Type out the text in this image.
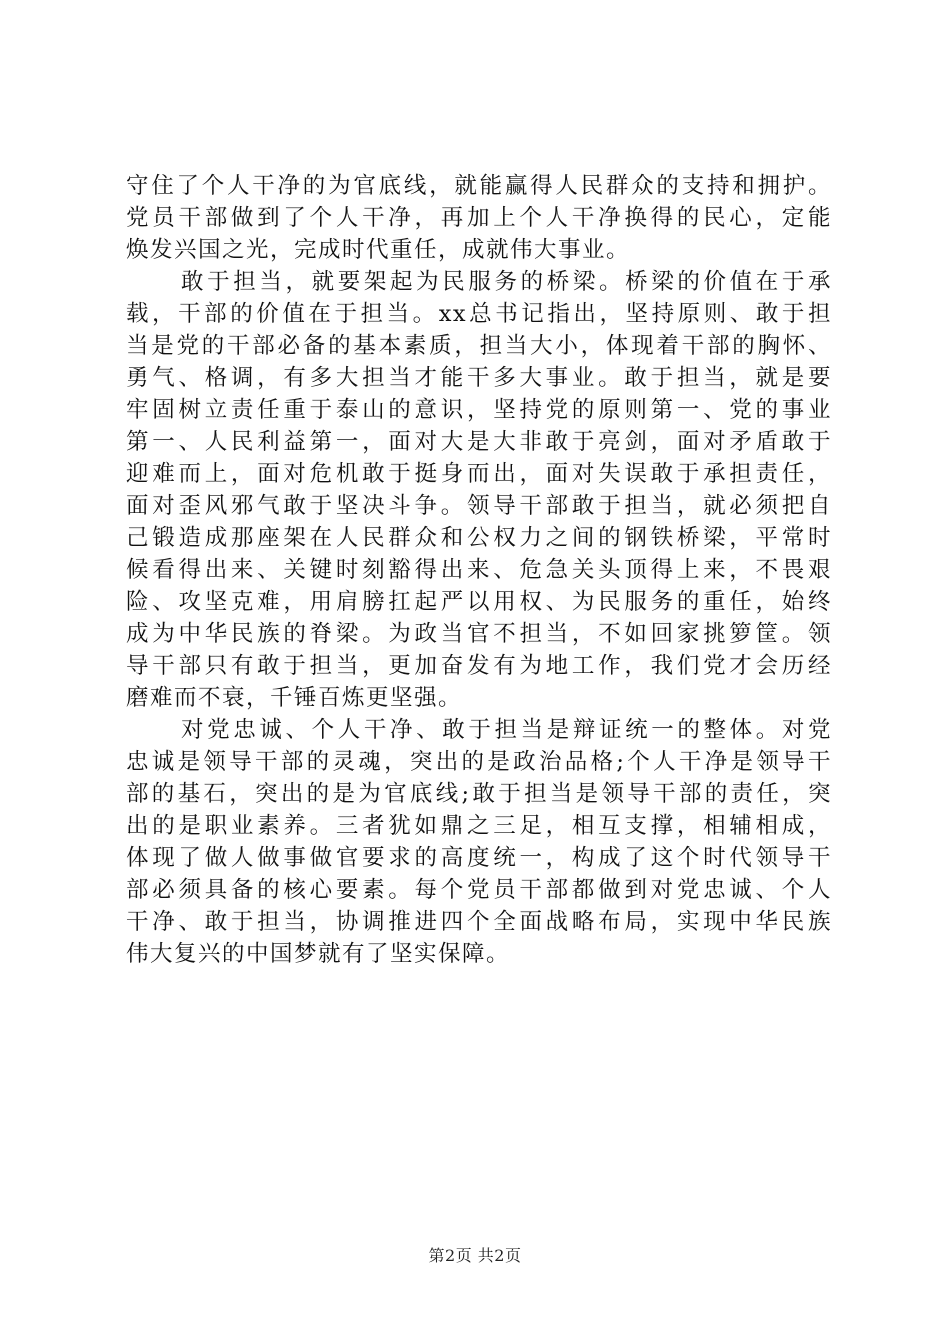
守住了个人干净的为官底线，就能赢得人民群众的支持和拥护。
党员干部做到了个人干净，再加上个人干净换得的民心，定能
焕发兴国之光，完成时代重任，成就伟大事业。
敢于担当，就要架起为民服务的桥梁。桥梁的价值在于承
载，干部的价值在于担当。xx总书记指出，坚持原则、敢于担
当是党的干部必备的基本素质，担当大小，体现着干部的胸怀、
勇气、格调，有多大担当才能干多大事业。敢于担当，就是要
牢固树立责任重于泰山的意识，坚持党的原则第一、党的事业
第一、人民利益第一，面对大是大非敢于亮剑，面对矛盾敢于
迎难而上，面对危机敢于挺身而出，面对失误敢于承担责任，
面对歪风邪气敢于坚决斗争。领导干部敢于担当，就必须把自
己锻造成那座架在人民群众和公权力之间的钢铁桥梁，平常时
候看得出来、关键时刻豁得出来、危急关头顶得上来，不畏艰
险、攻坚克难，用肩膀扛起严以用权、为民服务的重任，始终
成为中华民族的脊梁。为政当官不担当，不如回家挑箩筐。领
导干部只有敢于担当，更加奋发有为地工作，我们党才会历经
磨难而不衰，千锤百炼更坚强。
对党忠诚、个人干净、敢于担当是辩证统一的整体。对党
忠诚是领导干部的灵魂，突出的是政治品格;个人干净是领导干
部的基石，突出的是为官底线;敢于担当是领导干部的责任，突
出的是职业素养。三者犹如鼎之三足，相互支撑，相辅相成，
体现了做人做事做官要求的高度统一，构成了这个时代领导干
部必须具备的核心要素。每个党员干部都做到对党忠诚、个人
干净、敢于担当，协调推进四个全面战略布局，实现中华民族
伟大复兴的中国梦就有了坚实保障。
第2页 共2页
